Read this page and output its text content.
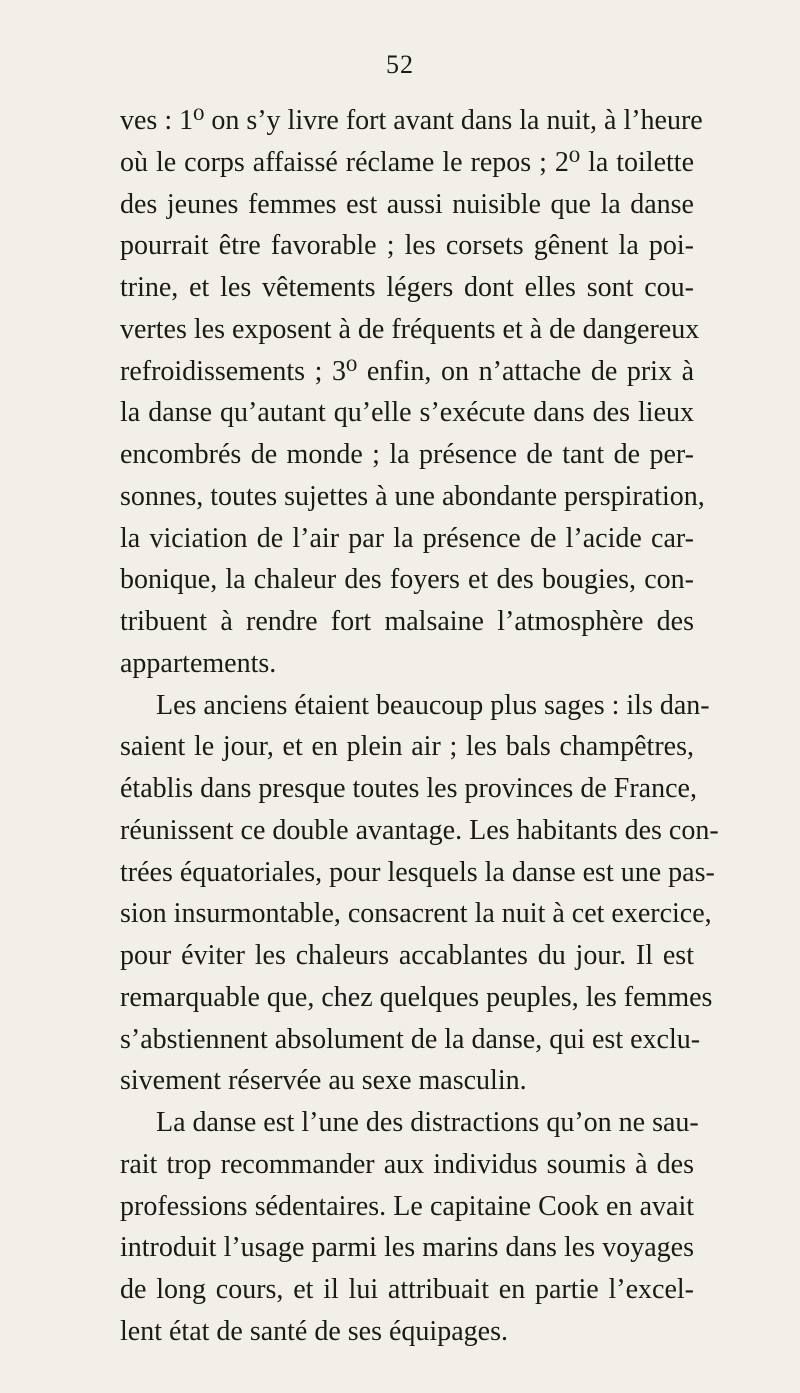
52
ves : 1⁰ on s’y livre fort avant dans la nuit, à l’heure
où le corps affaissé réclame le repos ; 2⁰ la toilette
des jeunes femmes est aussi nuisible que la danse
pourrait être favorable ; les corsets gênent la poi-
trine, et les vêtements légers dont elles sont cou-
vertes les exposent à de fréquents et à de dangereux
refroidissements ; 3⁰ enfin, on n’attache de prix à
la danse qu’autant qu’elle s’exécute dans des lieux
encombrés de monde ; la présence de tant de per-
sonnes, toutes sujettes à une abondante perspiration,
la viciation de l’air par la présence de l’acide car-
bonique, la chaleur des foyers et des bougies, con-
tribuent à rendre fort malsaine l’atmosphère des
appartements.
Les anciens étaient beaucoup plus sages : ils dan-
saient le jour, et en plein air ; les bals champêtres,
établis dans presque toutes les provinces de France,
réunissent ce double avantage. Les habitants des con-
trées équatoriales, pour lesquels la danse est une pas-
sion insurmontable, consacrent la nuit à cet exercice,
pour éviter les chaleurs accablantes du jour. Il est
remarquable que, chez quelques peuples, les femmes
s’abstiennent absolument de la danse, qui est exclu-
sivement réservée au sexe masculin.
La danse est l’une des distractions qu’on ne sau-
rait trop recommander aux individus soumis à des
professions sédentaires. Le capitaine Cook en avait
introduit l’usage parmi les marins dans les voyages
de long cours, et il lui attribuait en partie l’excel-
lent état de santé de ses équipages.
